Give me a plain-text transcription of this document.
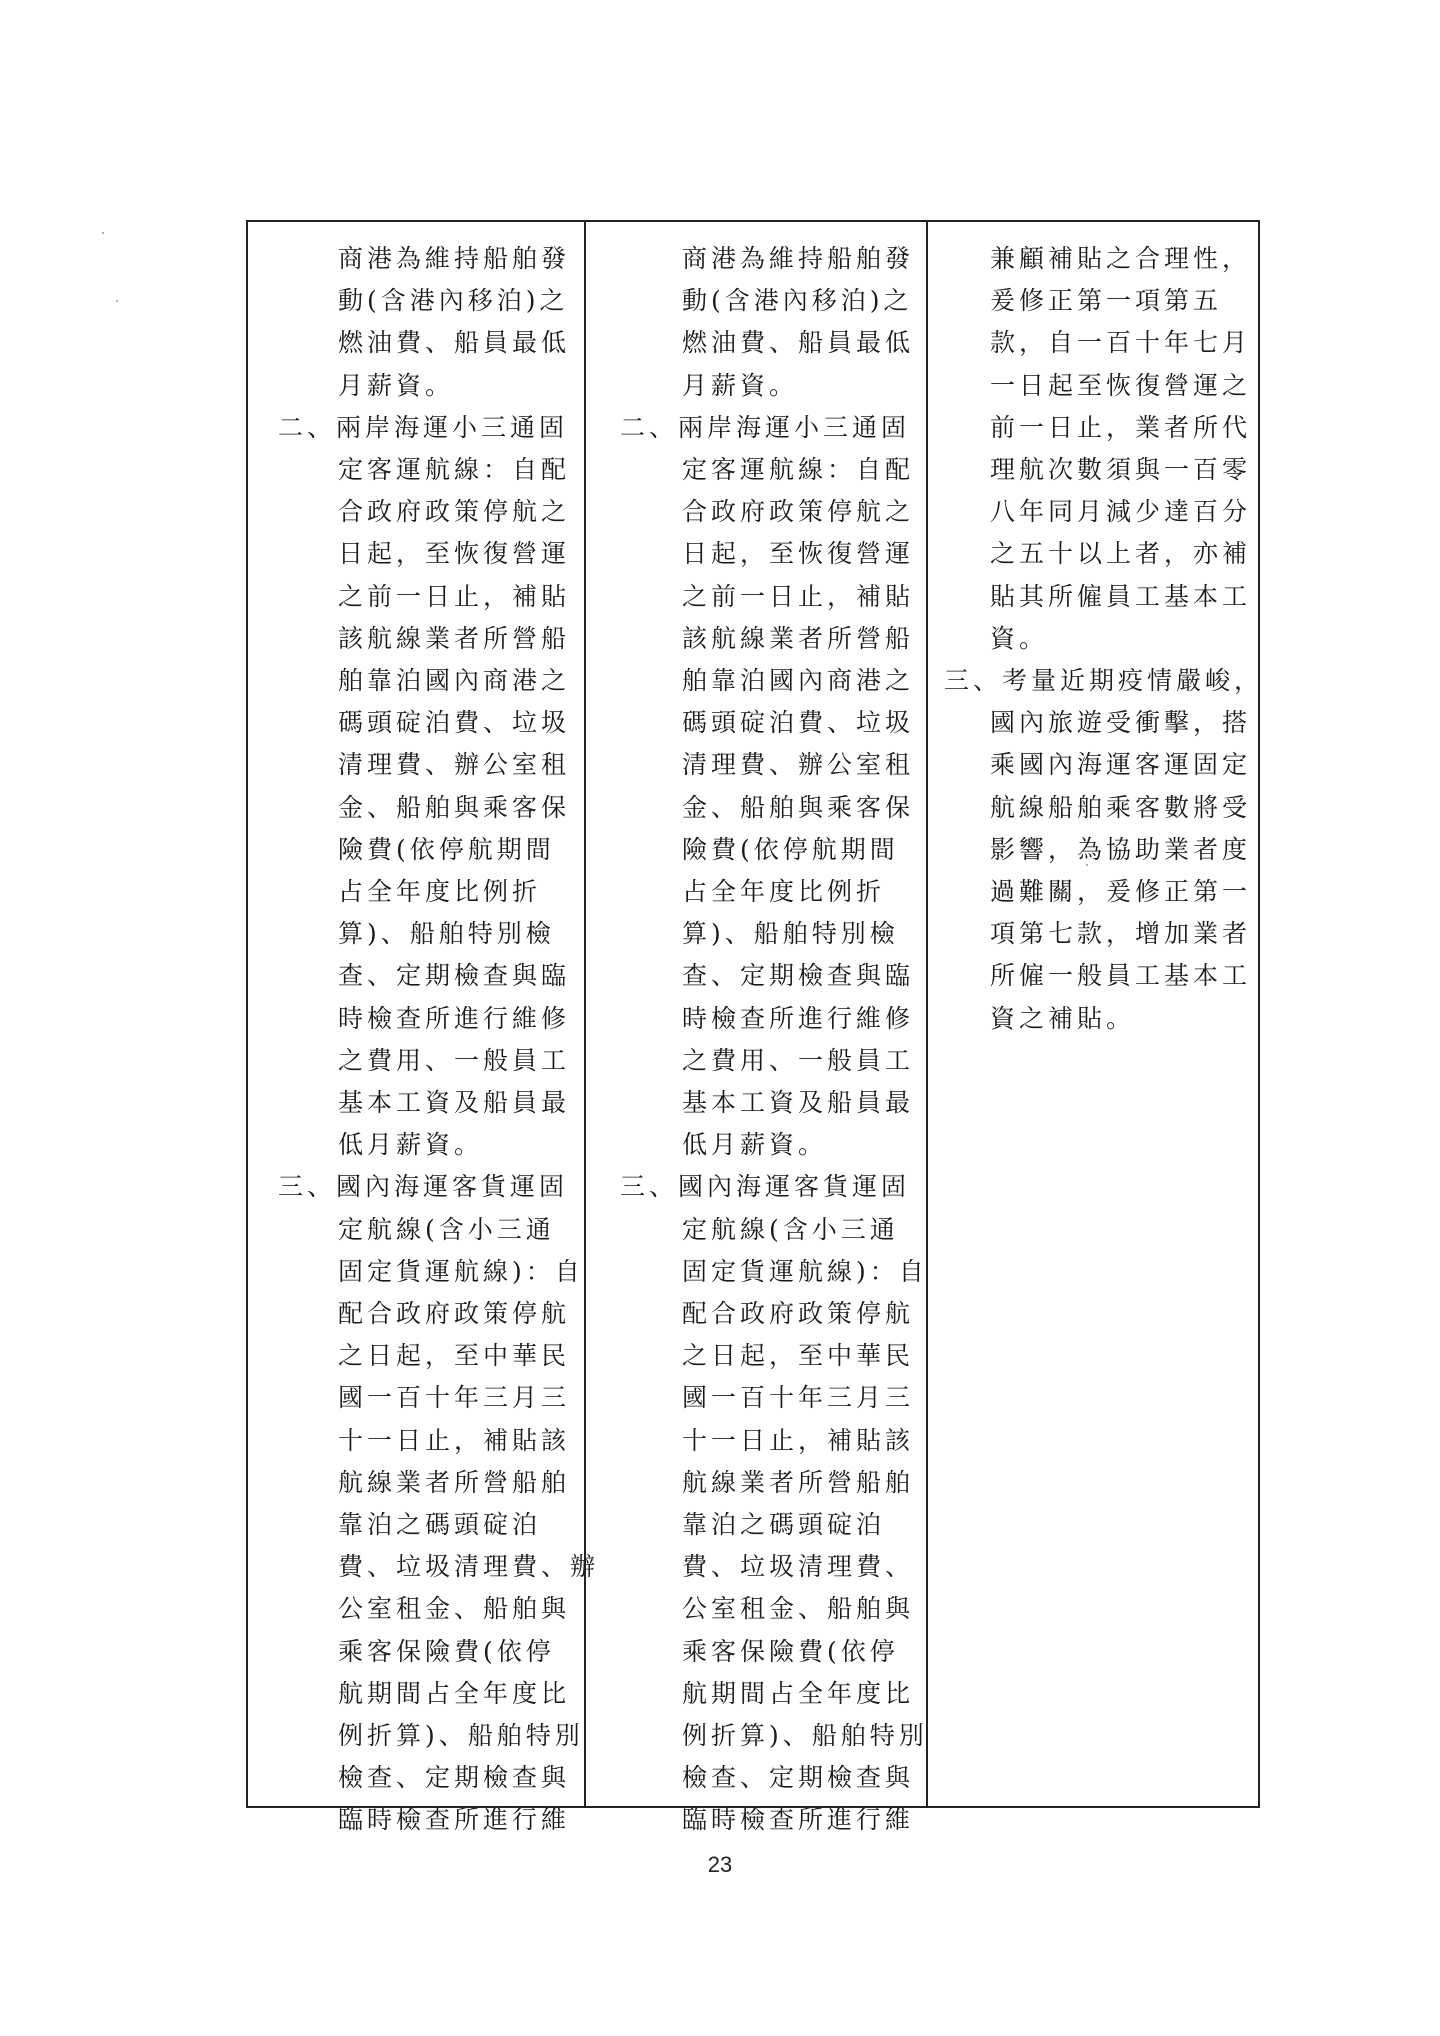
商港為維持船舶發
動(含港內移泊)之
燃油費、船員最低
月薪資。
二、兩岸海運小三通固
定客運航線：自配
合政府政策停航之
日起，至恢復營運
之前一日止，補貼
該航線業者所營船
舶靠泊國內商港之
碼頭碇泊費、垃圾
清理費、辦公室租
金、船舶與乘客保
險費(依停航期間
占全年度比例折
算)、船舶特別檢
查、定期檢查與臨
時檢查所進行維修
之費用、一般員工
基本工資及船員最
低月薪資。
三、國內海運客貨運固
定航線(含小三通
固定貨運航線)：自
配合政府政策停航
之日起，至中華民
國一百十年三月三
十一日止，補貼該
航線業者所營船舶
靠泊之碼頭碇泊
費、垃圾清理費、辦
公室租金、船舶與
乘客保險費(依停
航期間占全年度比
例折算)、船舶特別
檢查、定期檢查與
臨時檢查所進行維
商港為維持船舶發
動(含港內移泊)之
燃油費、船員最低
月薪資。
二、兩岸海運小三通固
定客運航線：自配
合政府政策停航之
日起，至恢復營運
之前一日止，補貼
該航線業者所營船
舶靠泊國內商港之
碼頭碇泊費、垃圾
清理費、辦公室租
金、船舶與乘客保
險費(依停航期間
占全年度比例折
算)、船舶特別檢
查、定期檢查與臨
時檢查所進行維修
之費用、一般員工
基本工資及船員最
低月薪資。
三、國內海運客貨運固
定航線(含小三通
固定貨運航線)：自
配合政府政策停航
之日起，至中華民
國一百十年三月三
十一日止，補貼該
航線業者所營船舶
靠泊之碼頭碇泊
費、垃圾清理費、
公室租金、船舶與
乘客保險費(依停
航期間占全年度比
例折算)、船舶特別
檢查、定期檢查與
臨時檢查所進行維
兼顧補貼之合理性，
爰修正第一項第五
款，自一百十年七月
一日起至恢復營運之
前一日止，業者所代
理航次數須與一百零
八年同月減少達百分
之五十以上者，亦補
貼其所僱員工基本工
資。
三、考量近期疫情嚴峻，
國內旅遊受衝擊，搭
乘國內海運客運固定
航線船舶乘客數將受
影響，為協助業者度
過難關，爰修正第一
項第七款，增加業者
所僱一般員工基本工
資之補貼。
23
